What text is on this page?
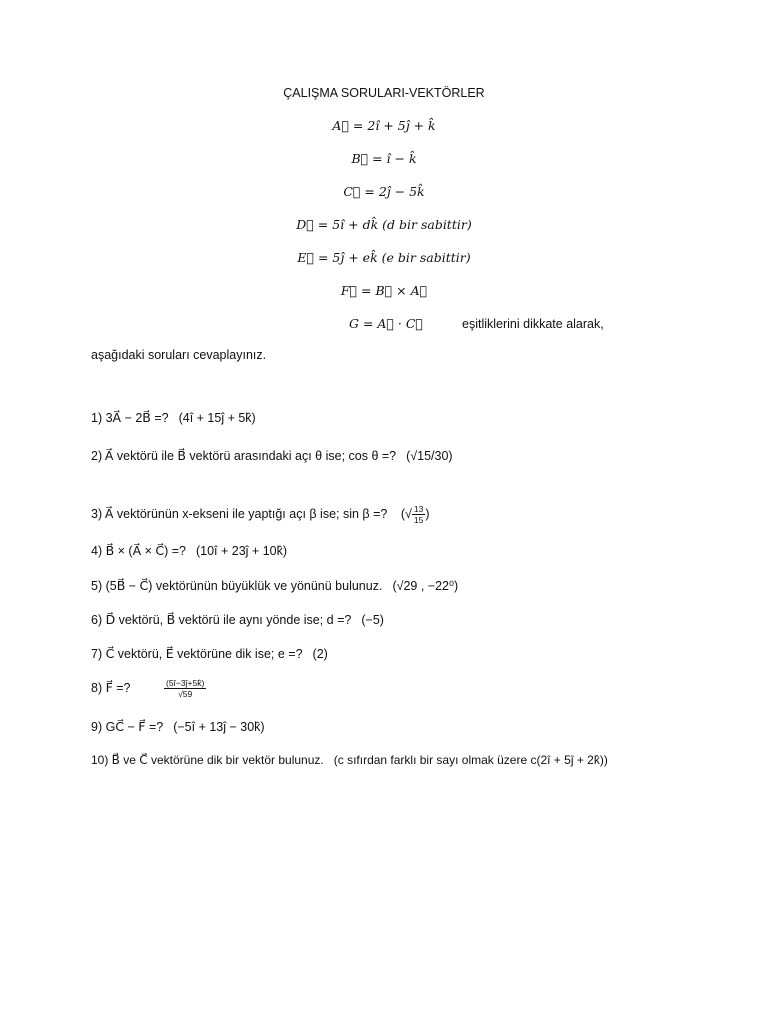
ÇALIŞMA SORULARI-VEKTÖRLER
A⃗ = 2î + 5ĵ + k̂
B⃗ = î − k̂
C⃗ = 2ĵ − 5k̂
D⃗ = 5î + dk̂ (d bir sabittir)
E⃗ = 5ĵ + ek̂ (e bir sabittir)
F⃗ = B⃗ × A⃗
G = A⃗ · C⃗	eşitliklerini dikkate alarak,
aşağıdaki soruları cevaplayınız.
1) 3A⃗ − 2B⃗ =? (4î + 15ĵ + 5k̂)
2) A⃗ vektörü ile B⃗ vektörü arasındaki açı θ ise; cos θ =? (√15/30)
3) A⃗ vektörünün x-ekseni ile yaptığı açı β ise; sin β =? (√ $\frac{13}{15}$ )
4) B⃗ × (A⃗ × C⃗) =? (10î + 23ĵ + 10k̂)
5) (5B⃗ − C⃗) vektörünün büyüklük ve yönünü bulunuz. (√29 , −22⁰)
6) D⃗ vektörü, B⃗ vektörü ile aynı yönde ise; d =? (−5)
7) C⃗ vektörü, E⃗ vektörüne dik ise; e =? (2)
8) F⃗ =?	$\frac{(5î-3ĵ+5k̂)}{√59}$
9) GC⃗ − F⃗ =? (−5î + 13ĵ − 30k̂)
10) B⃗ ve C⃗ vektörüne dik bir vektör bulunuz. (c sıfırdan farklı bir sayı olmak üzere c(2î + 5ĵ + 2k̂))
